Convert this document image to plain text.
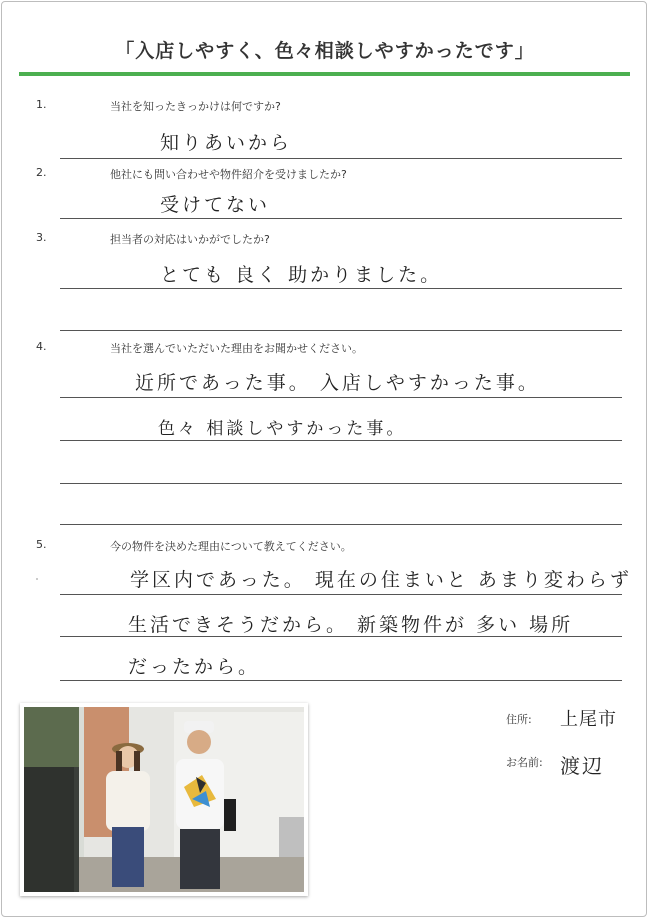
「入店しやすく、色々相談しやすかったです」
1.	当社を知ったきっかけは何ですか?
知りあいから
2.	他社にも問い合わせや物件紹介を受けましたか?
受けてない
3.	担当者の対応はいかがでしたか?
とても 良く 助かりました。
4.	当社を選んでいただいた理由をお聞かせください。
近所であった事。 入店しやすかった事。
色々 相談しやすかった事。
5.	今の物件を決めた理由について教えてください。
学区内であった。 現在の住まいと あまり変わらず
生活できそうだから。 新築物件が 多い 場所
だったから。
住所: 上尾市
お名前: 渡辺
